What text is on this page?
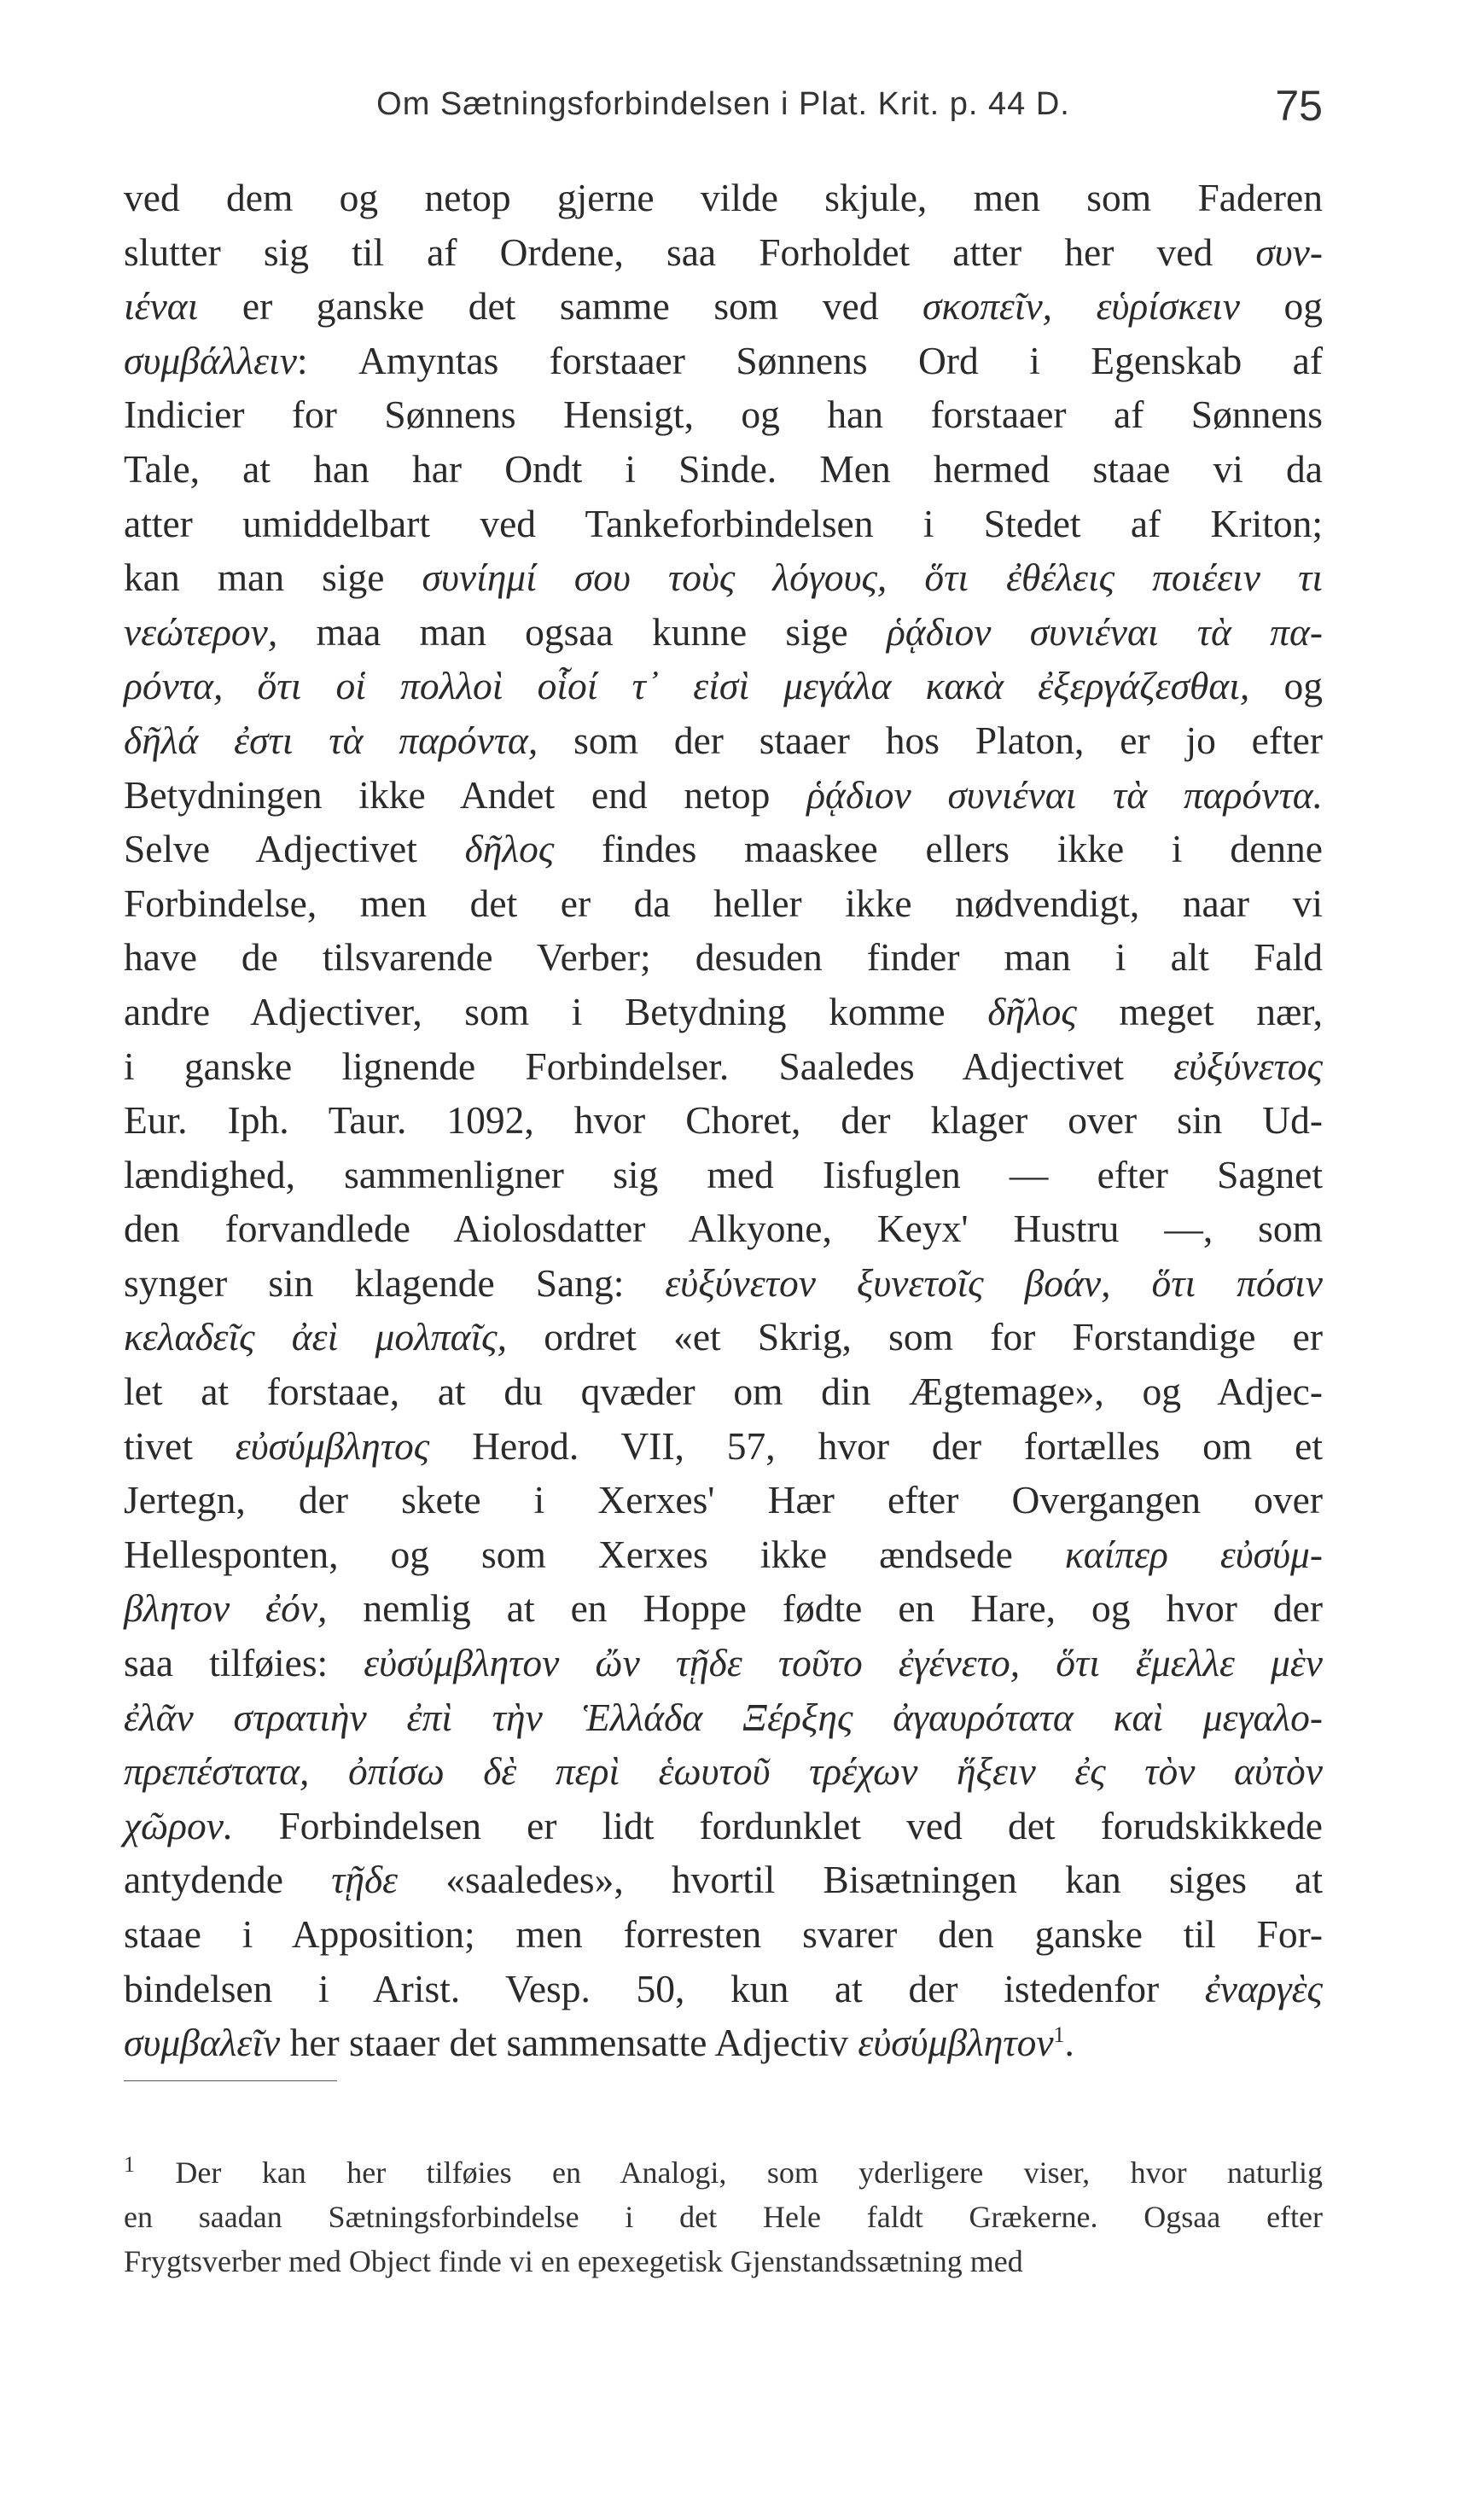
Om Sætningsforbindelsen i Plat. Krit. p. 44 D.	75
ved dem og netop gjerne vilde skjule, men som Faderen
slutter sig til af Ordene, saa Forholdet atter her ved συν-
ιέναι er ganske det samme som ved σκοπεῖν, εὑρίσκειν og
συμβάλλειν: Amyntas forstaaer Sønnens Ord i Egenskab af
Indicier for Sønnens Hensigt, og han forstaaer af Sønnens
Tale, at han har Ondt i Sinde. Men hermed staae vi da
atter umiddelbart ved Tankeforbindelsen i Stedet af Kriton;
kan man sige συνίημί σου τοὺς λόγους, ὅτι ἐθέλεις ποιέειν τι
νεώτερον, maa man ogsaa kunne sige ῥᾴδιον συνιέναι τὰ πα-
ρόντα, ὅτι οἱ πολλοὶ οἷοί τ᾽ εἰσὶ μεγάλα κακὰ ἐξεργάζεσθαι, og
δῆλά ἐστι τὰ παρόντα, som der staaer hos Platon, er jo efter
Betydningen ikke Andet end netop ῥᾴδιον συνιέναι τὰ παρόντα.
Selve Adjectivet δῆλος findes maaskee ellers ikke i denne
Forbindelse, men det er da heller ikke nødvendigt, naar vi
have de tilsvarende Verber; desuden finder man i alt Fald
andre Adjectiver, som i Betydning komme δῆλος meget nær,
i ganske lignende Forbindelser. Saaledes Adjectivet εὐξύνετος
Eur. Iph. Taur. 1092, hvor Choret, der klager over sin Ud-
lændighed, sammenligner sig med Iisfuglen — efter Sagnet
den forvandlede Aiolosdatter Alkyone, Keyx' Hustru —, som
synger sin klagende Sang: εὐξύνετον ξυνετοῖς βοάν, ὅτι πόσιν
κελαδεῖς ἀεὶ μολπαῖς, ordret «et Skrig, som for Forstandige er
let at forstaae, at du qvæder om din Ægtemage», og Adjec-
tivet εὐσύμβλητος Herod. VII, 57, hvor der fortælles om et
Jertegn, der skete i Xerxes' Hær efter Overgangen over
Hellesponten, og som Xerxes ikke ændsede καίπερ εὐσύμ-
βλητον ἐόν, nemlig at en Hoppe fødte en Hare, og hvor der
saa tilføies: εὐσύμβλητον ὤν τῇδε τοῦτο ἐγένετο, ὅτι ἔμελλε μὲν
ἐλᾶν στρατιὴν ἐπὶ τὴν Ἑλλάδα Ξέρξης ἀγαυρότατα καὶ μεγαλο-
πρεπέστατα, ὀπίσω δὲ περὶ ἑωυτοῦ τρέχων ἥξειν ἐς τὸν αὐτὸν
χῶρον. Forbindelsen er lidt fordunklet ved det forudskikkede
antydende τῇδε «saaledes», hvortil Bisætningen kan siges at
staae i Apposition; men forresten svarer den ganske til For-
bindelsen i Arist. Vesp. 50, kun at der istedenfor ἐναργὲς
συμβαλεῖν her staaer det sammensatte Adjectiv εὐσύμβλητον$^1$.
$^1$ Der kan her tilføies en Analogi, som yderligere viser, hvor naturlig
en saadan Sætningsforbindelse i det Hele faldt Grækerne. Ogsaa efter
Frygtsverber med Object finde vi en epexegetisk Gjenstandssætning med
